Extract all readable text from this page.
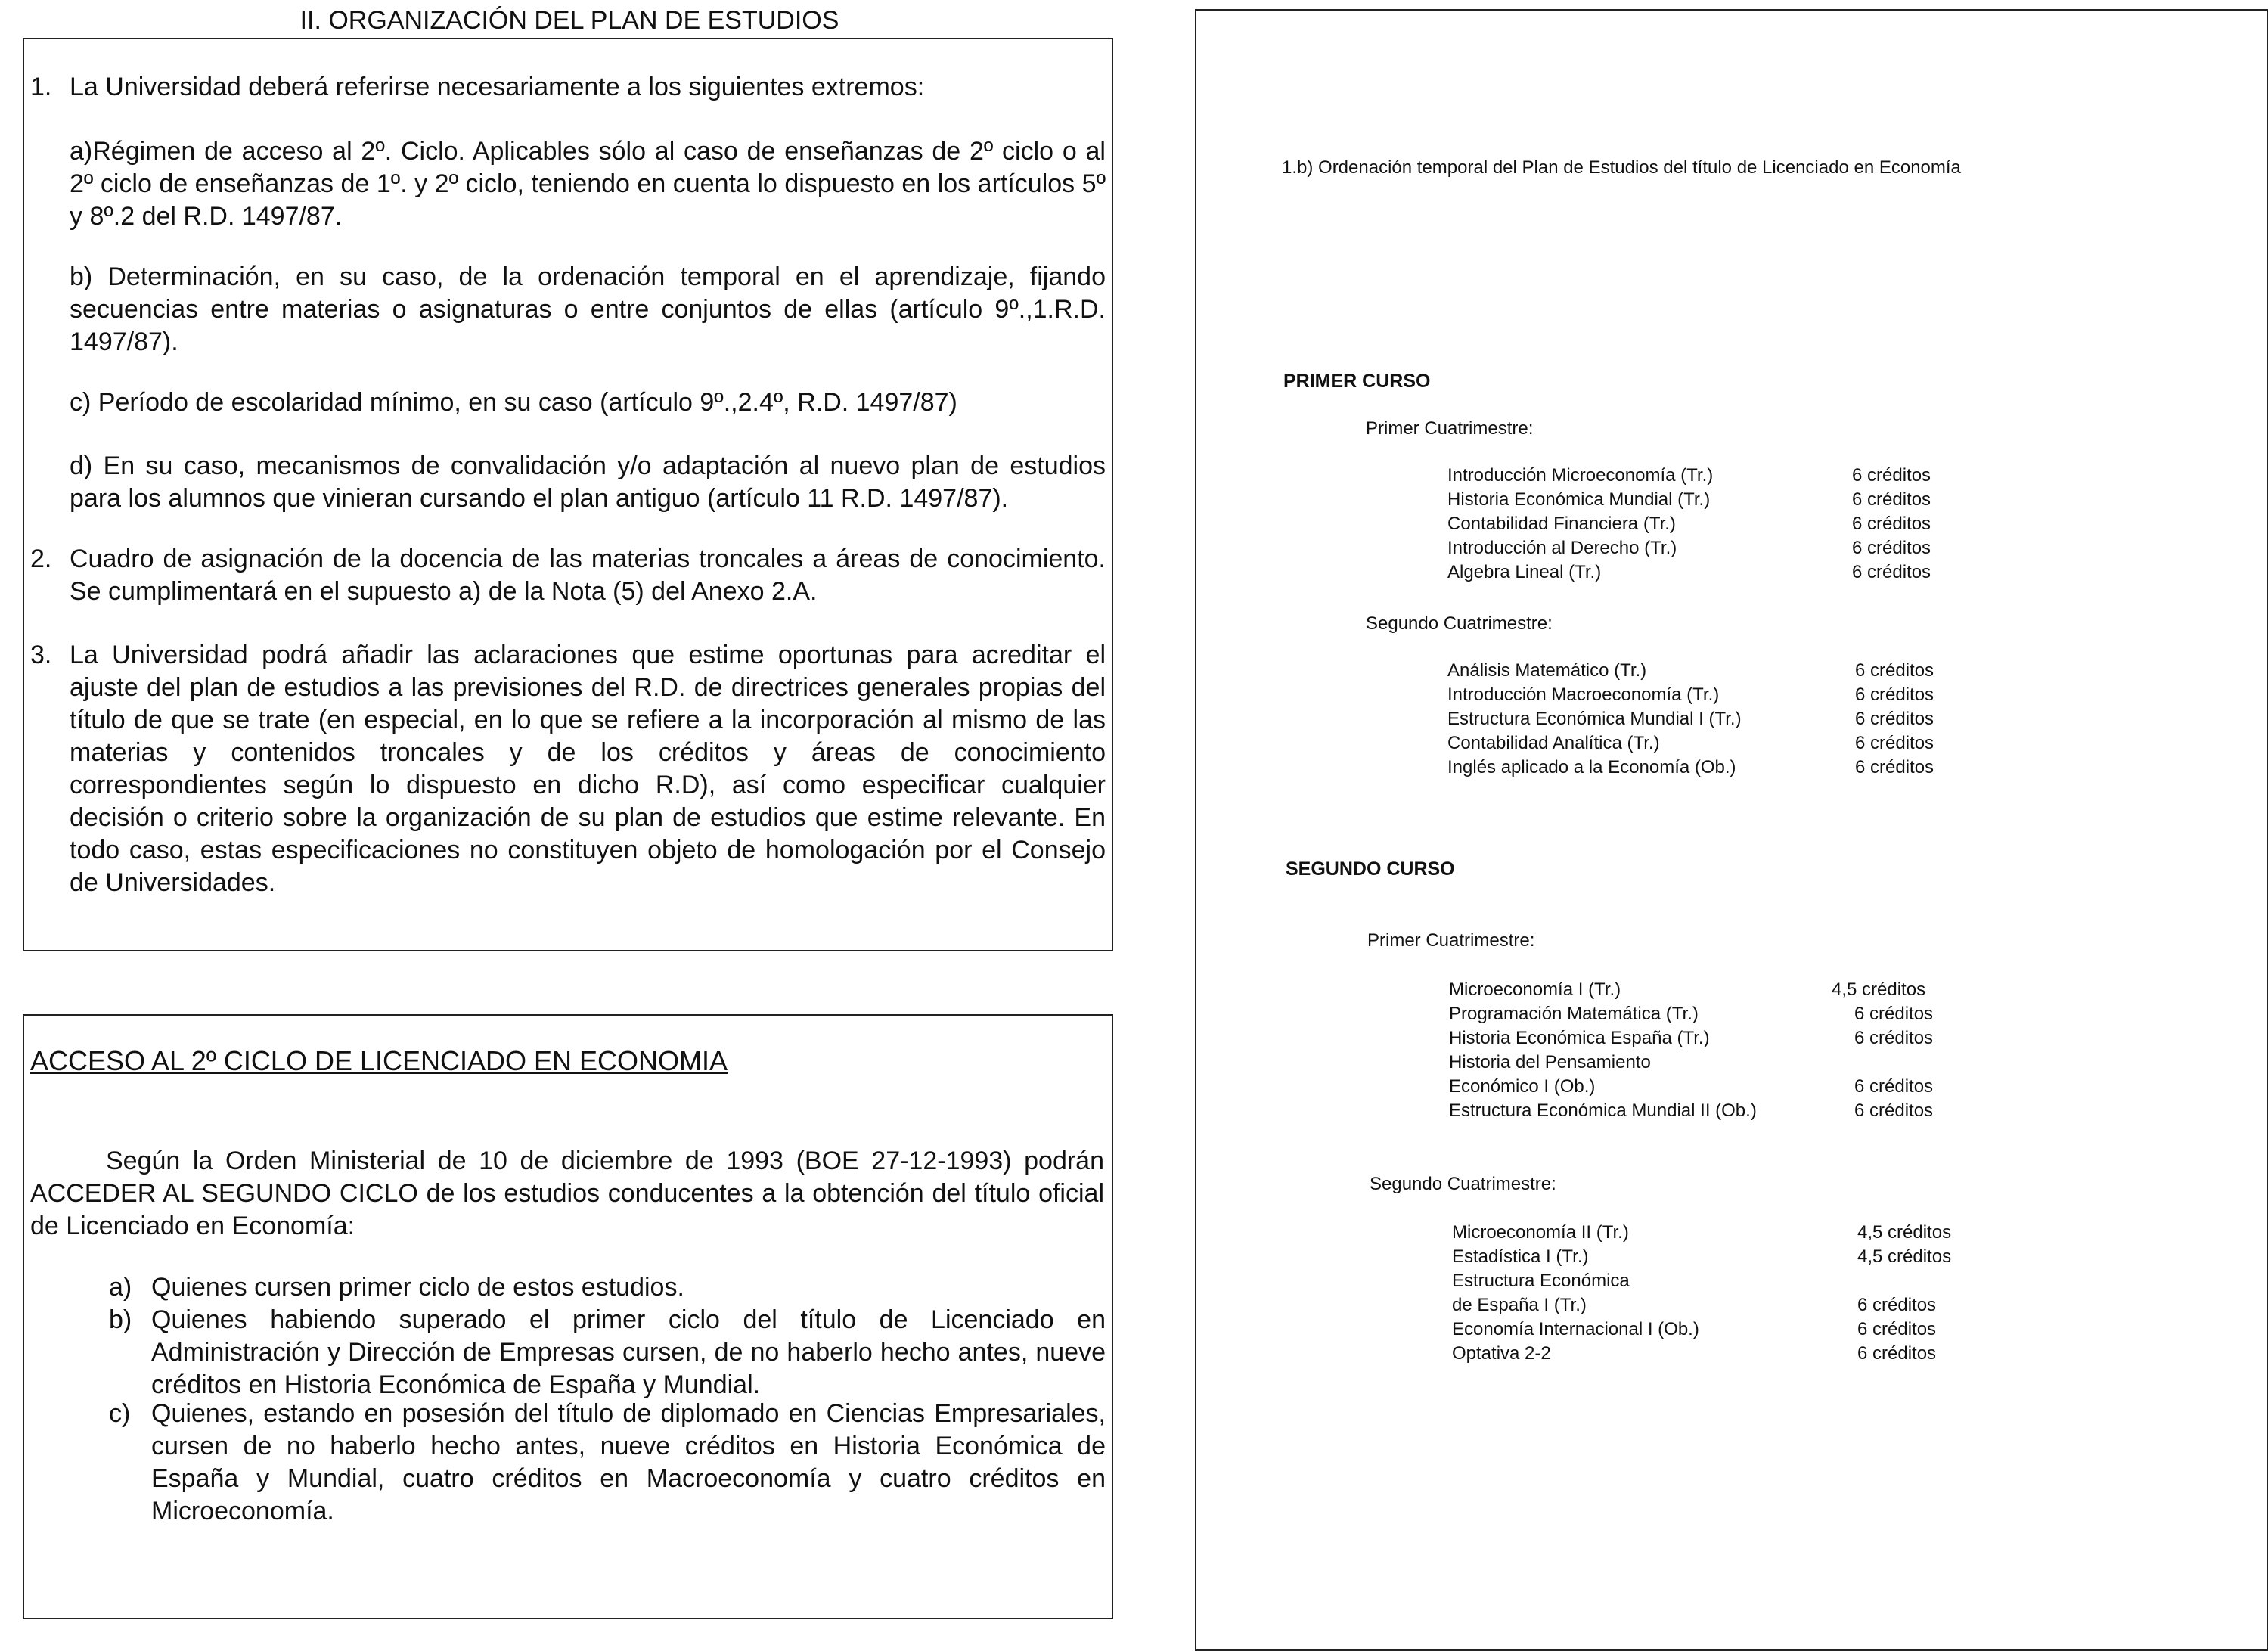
II. ORGANIZACIÓN DEL PLAN DE ESTUDIOS
1. La Universidad deberá referirse necesariamente a los siguientes extremos:

a)Régimen de acceso al 2º. Ciclo. Aplicables sólo al caso de enseñanzas de 2º ciclo o al 2º ciclo de enseñanzas de 1º. y 2º ciclo, teniendo en cuenta lo dispuesto en los artículos 5º y 8º.2 del R.D. 1497/87.

b) Determinación, en su caso, de la ordenación temporal en el aprendizaje, fijando secuencias entre materias o asignaturas o entre conjuntos de ellas (artículo 9º.,1.R.D. 1497/87).

c) Período de escolaridad mínimo, en su caso (artículo 9º.,2.4º, R.D. 1497/87)

d) En su caso, mecanismos de convalidación y/o adaptación al nuevo plan de estudios para los alumnos que vinieran cursando el plan antiguo (artículo 11 R.D. 1497/87).

2. Cuadro de asignación de la docencia de las materias troncales a áreas de conocimiento. Se cumplimentará en el supuesto a) de la Nota (5) del Anexo 2.A.

3. La Universidad podrá añadir las aclaraciones que estime oportunas para acreditar el ajuste del plan de estudios a las previsiones del R.D. de directrices generales propias del título de que se trate (en especial, en lo que se refiere a la incorporación al mismo de las materias y contenidos troncales y de los créditos y áreas de conocimiento correspondientes según lo dispuesto en dicho R.D), así como especificar cualquier decisión o criterio sobre la organización de su plan de estudios que estime relevante. En todo caso, estas especificaciones no constituyen objeto de homologación por el Consejo de Universidades.

ACCESO AL 2º CICLO DE LICENCIADO EN ECONOMIA

Según la Orden Ministerial de 10 de diciembre de 1993 (BOE 27-12-1993) podrán ACCEDER AL SEGUNDO CICLO de los estudios conducentes a la obtención del título oficial de Licenciado en Economía:

a) Quienes cursen primer ciclo de estos estudios.

b) Quienes habiendo superado el primer ciclo del título de Licenciado en Administración y Dirección de Empresas cursen, de no haberlo hecho antes, nueve créditos en Historia Económica de España y Mundial.

c) Quienes, estando en posesión del título de diplomado en Ciencias Empresariales, cursen de no haberlo hecho antes, nueve créditos en Historia Económica de España y Mundial, cuatro créditos en Macroeconomía y cuatro créditos en Microeconomía.

1.b) Ordenación temporal del Plan de Estudios del título de Licenciado en Economía
PRIMER CURSO
Primer Cuatrimestre:
Introducción Microeconomía (Tr.)	6 créditos
Historia Económica Mundial (Tr.)	6 créditos
Contabilidad Financiera (Tr.)	6 créditos
Introducción al Derecho (Tr.)	6 créditos
Algebra Lineal (Tr.)	6 créditos
Segundo Cuatrimestre:
Análisis Matemático (Tr.)	6 créditos
Introducción Macroeconomía (Tr.)	6 créditos
Estructura Económica Mundial I (Tr.)	6 créditos
Contabilidad Analítica (Tr.)	6 créditos
Inglés aplicado a la Economía (Ob.)	6 créditos
SEGUNDO CURSO
Primer Cuatrimestre:
Microeconomía I (Tr.)	4,5 créditos
Programación Matemática (Tr.)	6 créditos
Historia Económica España (Tr.)	6 créditos
Historia del Pensamiento
Económico I (Ob.)	6 créditos
Estructura Económica Mundial II (Ob.)	6 créditos
Segundo Cuatrimestre:
Microeconomía II (Tr.)	4,5 créditos
Estadística I (Tr.)	4,5 créditos
Estructura Económica
de España I (Tr.)	6 créditos
Economía Internacional I (Ob.)	6 créditos
Optativa 2-2	6 créditos
